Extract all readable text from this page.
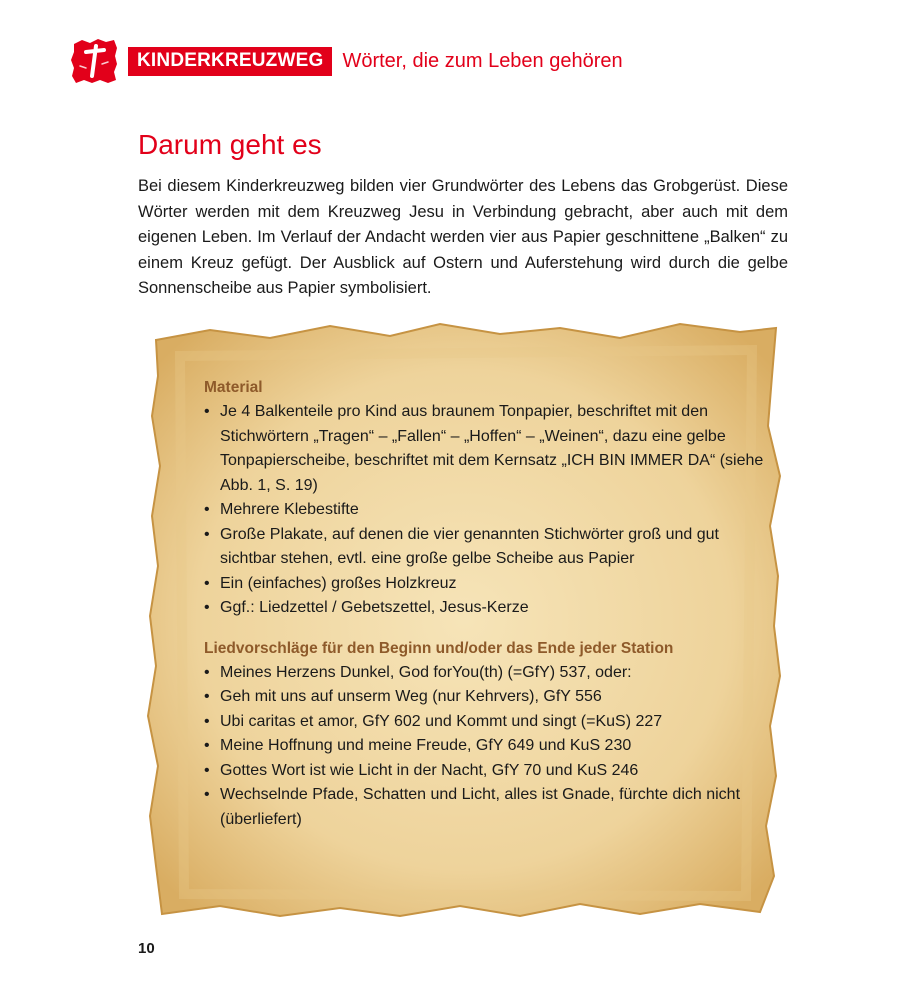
KINDERKREUZWEG Wörter, die zum Leben gehören
Darum geht es

Bei diesem Kinderkreuzweg bilden vier Grundwörter des Lebens das Grobgerüst. Diese Wörter werden mit dem Kreuzweg Jesu in Verbindung gebracht, aber auch mit dem eigenen Leben. Im Verlauf der Andacht werden vier aus Papier geschnittene „Balken“ zu einem Kreuz gefügt. Der Ausblick auf Ostern und Auferstehung wird durch die gelbe Sonnenscheibe aus Papier symbolisiert.

Material
• Je 4 Balkenteile pro Kind aus braunem Tonpapier, beschriftet mit den Stichwörtern „Tragen“ – „Fallen“ – „Hoffen“ – „Weinen“, dazu eine gelbe Tonpapierscheibe, beschriftet mit dem Kernsatz „ICH BIN IMMER DA“ (siehe Abb. 1, S. 19)
• Mehrere Klebestifte
• Große Plakate, auf denen die vier genannten Stichwörter groß und gut sichtbar stehen, evtl. eine große gelbe Scheibe aus Papier
• Ein (einfaches) großes Holzkreuz
• Ggf.: Liedzettel / Gebetszettel, Jesus-Kerze
Liedvorschläge für den Beginn und/oder das Ende jeder Station
• Meines Herzens Dunkel, God forYou(th) (=GfY) 537, oder:
• Geh mit uns auf unserm Weg (nur Kehrvers), GfY 556
• Ubi caritas et amor, GfY 602 und Kommt und singt (=KuS) 227
• Meine Hoffnung und meine Freude, GfY 649 und KuS 230
• Gottes Wort ist wie Licht in der Nacht, GfY 70 und KuS 246
• Wechselnde Pfade, Schatten und Licht, alles ist Gnade, fürchte dich nicht (überliefert)
10
